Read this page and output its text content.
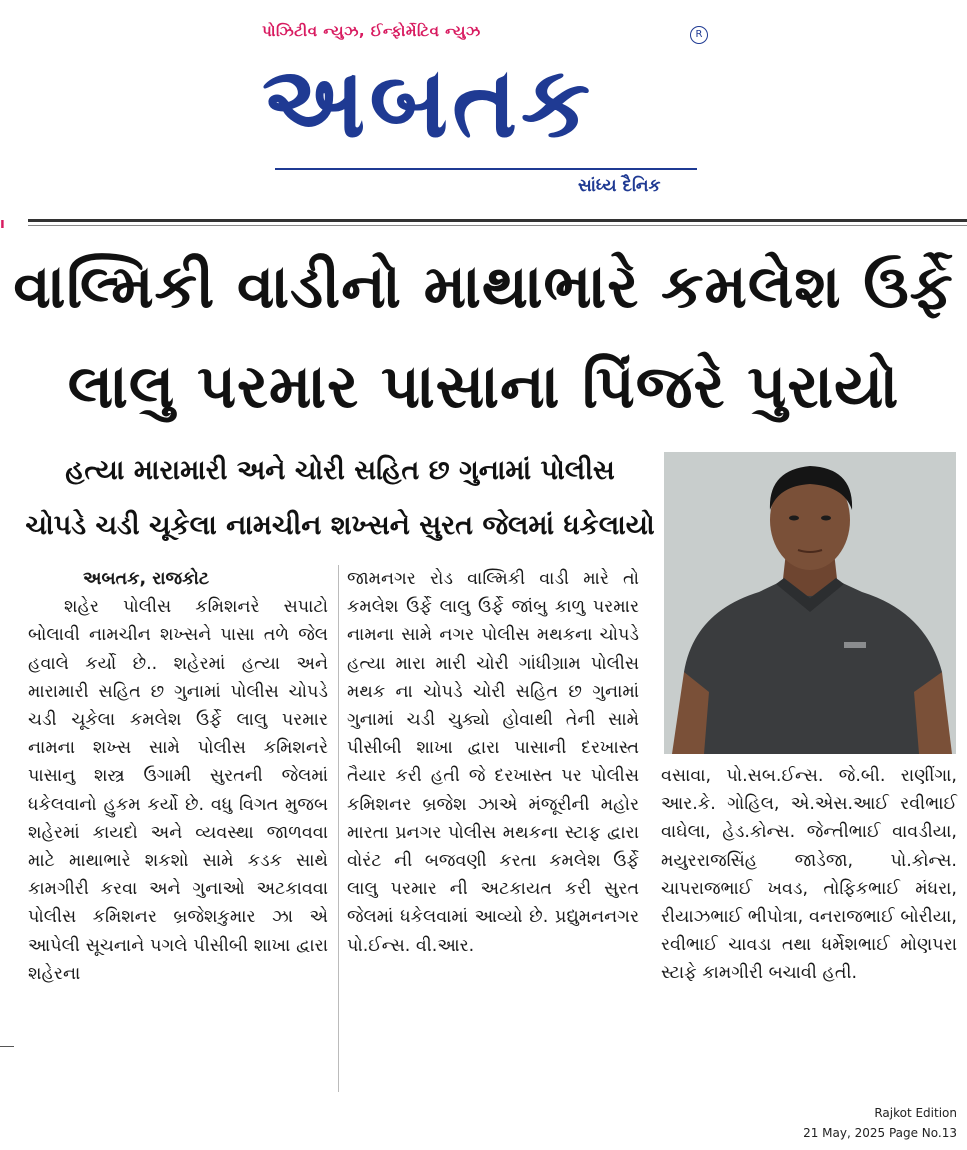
પોઝિટીવ ન્યુઝ, ઈન્ફોર્મેટિવ ન્યુઝ	R
અબતક
સાંધ્ય દૈનિક
ı
વાલ્મિકી વાડીનો માથાભારે કમલેશ ઉર્ફે
લાલુ પરમાર પાસાના પિંજરે પુરાયો
હત્યા મારામારી અને ચોરી સહિત છ ગુનામાં પોલીસ
ચોપડે ચડી ચૂકેલા નામચીન શખ્સને સુરત જેલમાં ધકેલાયો
અબતક, રાજકોટ
શહેર પોલીસ કમિશનરે સપાટો બોલાવી નામચીન શખ્સને પાસા તળે જેલ હવાલે કર્યો છે.. શહેરમાં હત્યા અને મારામારી સહિત છ ગુનામાં પોલીસ ચોપડે ચડી ચૂકેલા કમલેશ ઉર્ફે લાલુ પરમાર નામના શખ્સ સામે પોલીસ કમિશનરે પાસાનુ શસ્ત્ર ઉગામી સુરતની જેલમાં ધકેલવાનો હુકમ કર્યો છે. વધુ વિગત મુજબ શહેરમાં કાયદો અને વ્યવસ્થા જાળવવા માટે માથાભારે શકશો સામે કડક સાથે કામગીરી કરવા અને ગુનાઓ અટકાવવા પોલીસ કમિશનર બ્રજેશકુમાર ઝા એ આપેલી સૂચનાને પગલે પીસીબી શાખા દ્વારા શહેરના
જામનગર રોડ વાલ્મિકી વાડી મારે તો કમલેશ ઉર્ફે લાલુ ઉર્ફે જાંબુ કાળુ પરમાર નામના સામે નગર પોલીસ મથકના ચોપડે હત્યા મારા મારી ચોરી ગાંધીગ્રામ પોલીસ મથક ના ચોપડે ચોરી સહિત છ ગુનામાં ગુનામાં ચડી ચુક્યો હોવાથી તેની સામે પીસીબી શાખા દ્વારા પાસાની દરખાસ્ત તૈયાર કરી હતી જે દરખાસ્ત પર પોલીસ કમિશનર બ્રજેશ ઝાએ મંજૂરીની મહોર મારતા પ્રનગર પોલીસ મથકના સ્ટાફ દ્વારા વોરંટ ની બજવણી કરતા કમલેશ ઉર્ફે લાલુ પરમાર ની અટકાયત કરી સુરત જેલમાં ધકેલવામાં આવ્યો છે. પ્રદ્યુમનનગર પો.ઈન્સ. વી.આર.
વસાવા, પો.સબ.ઈન્સ. જે.બી. રાણીંગા, આર.કે. ગોહિલ, એ.એસ.આઈ રવીભાઈ વાઘેલા, હેડ.કોન્સ. જેન્તીભાઈ વાવડીયા, મયુરરાજસિંહ જાડેજા, પો.કોન્સ. ચાપરાજભાઈ ખવડ, તોફિકભાઈ મંધરા, રીયાઝભાઈ ભીપોત્રા, વનરાજભાઈ બોરીયા, રવીભાઈ ચાવડા તથા ધર્મેશભાઈ મોણપરા સ્ટાફે કામગીરી બચાવી હતી.
Rajkot Edition
21 May, 2025 Page No.13
